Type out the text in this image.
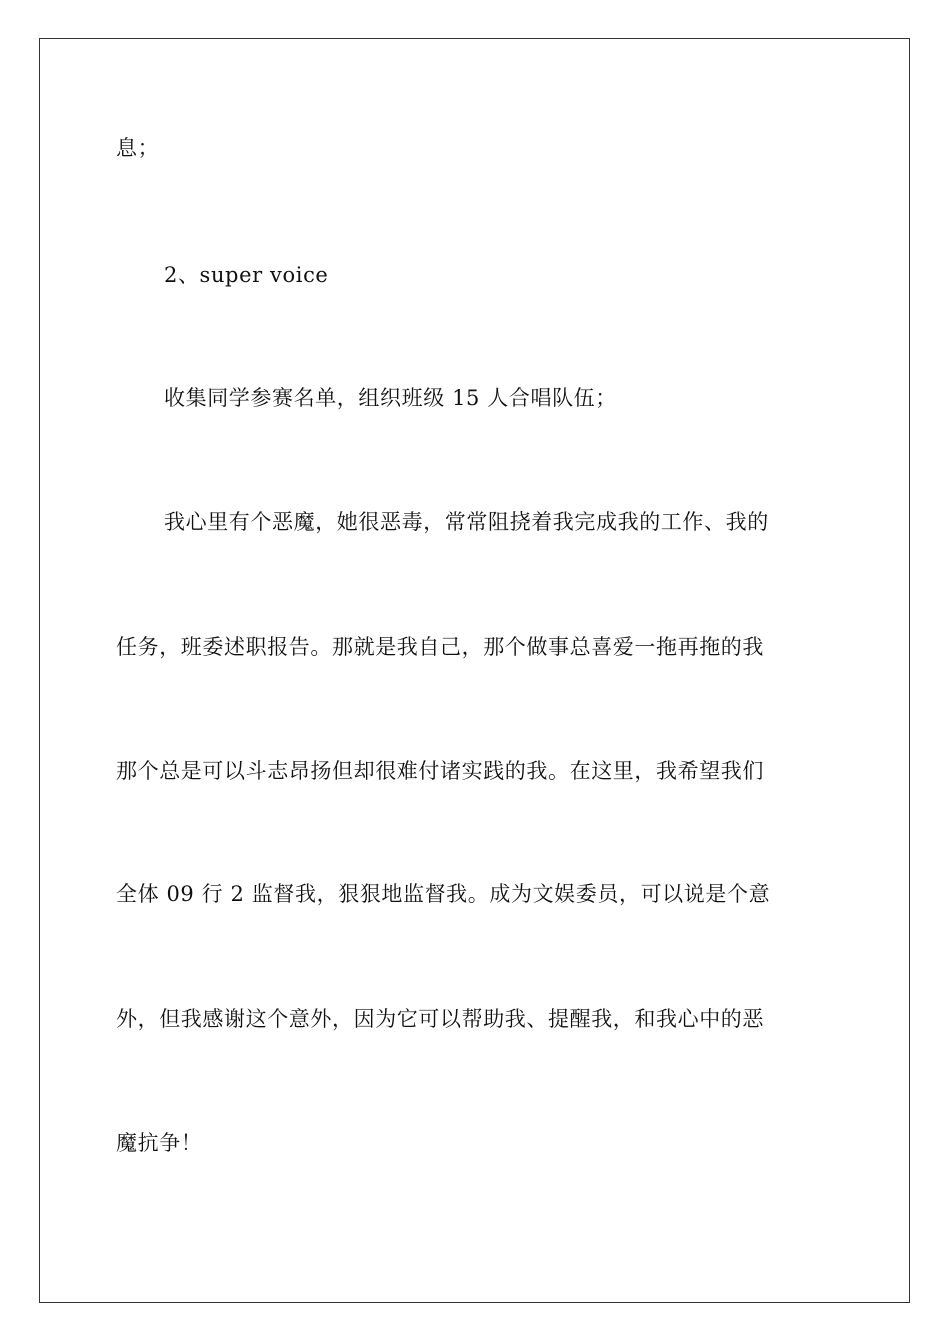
息；
2、super voice
收集同学参赛名单，组织班级 15 人合唱队伍；
我心里有个恶魔，她很恶毒，常常阻挠着我完成我的工作、我的
任务，班委述职报告。那就是我自己，那个做事总喜爱一拖再拖的我
那个总是可以斗志昂扬但却很难付诸实践的我。在这里，我希望我们
全体 09 行 2 监督我，狠狠地监督我。成为文娱委员，可以说是个意
外，但我感谢这个意外，因为它可以帮助我、提醒我，和我心中的恶
魔抗争！
